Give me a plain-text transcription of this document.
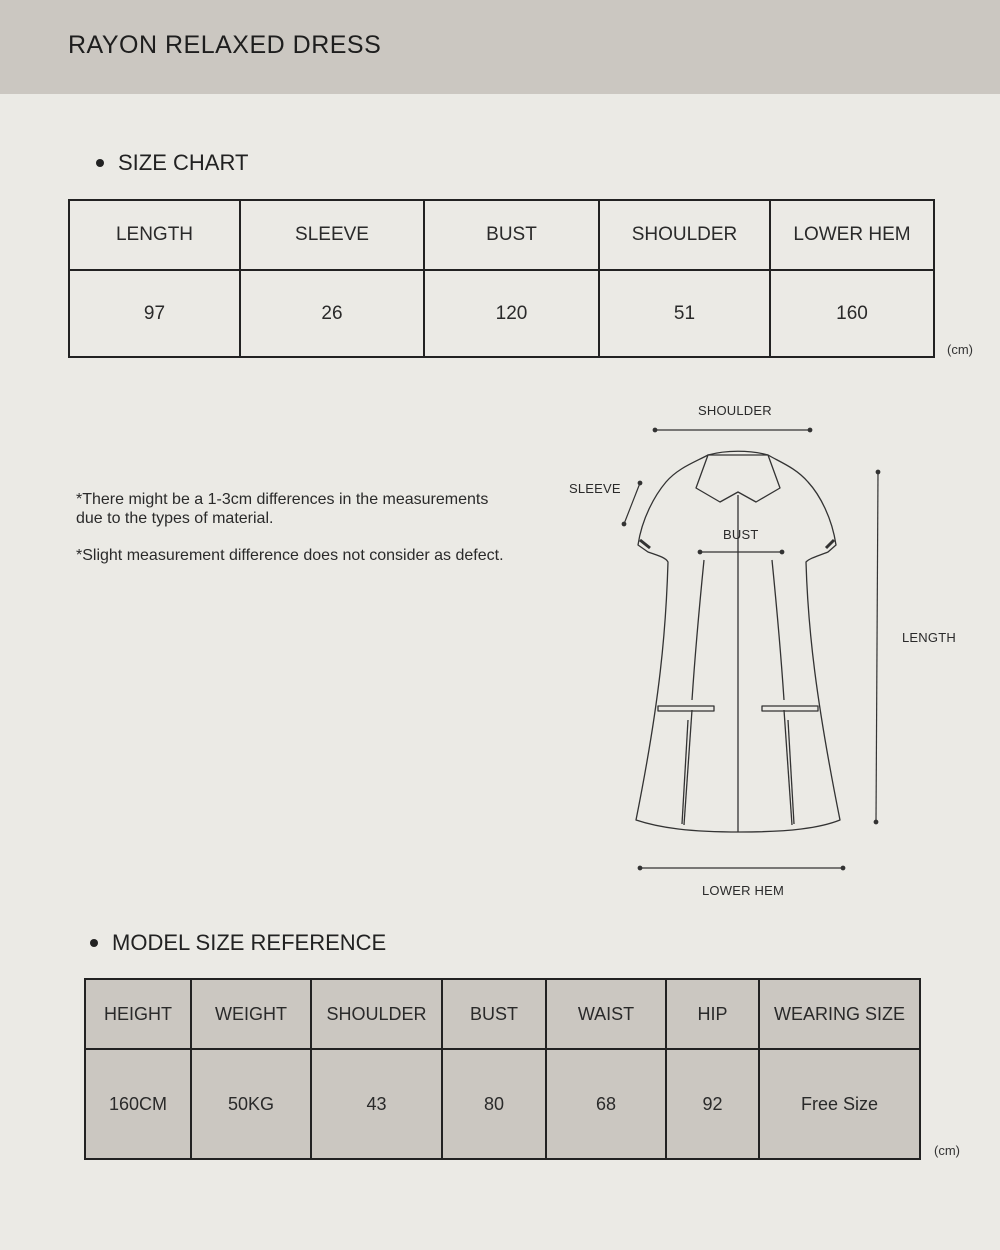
RAYON RELAXED DRESS
SIZE CHART
LENGTH	SLEEVE	BUST	SHOULDER	LOWER HEM
97	26	120	51	160
(cm)

*There might be a 1-3cm differences in the measurements due to the types of material.

*Slight measurement difference does not consider as defect.

SHOULDER
SLEEVE
BUST
LENGTH
LOWER HEM
MODEL SIZE REFERENCE
HEIGHT	WEIGHT	SHOULDER	BUST	WAIST	HIP	WEARING SIZE
160CM	50KG	43	80	68	92	Free Size
(cm)
